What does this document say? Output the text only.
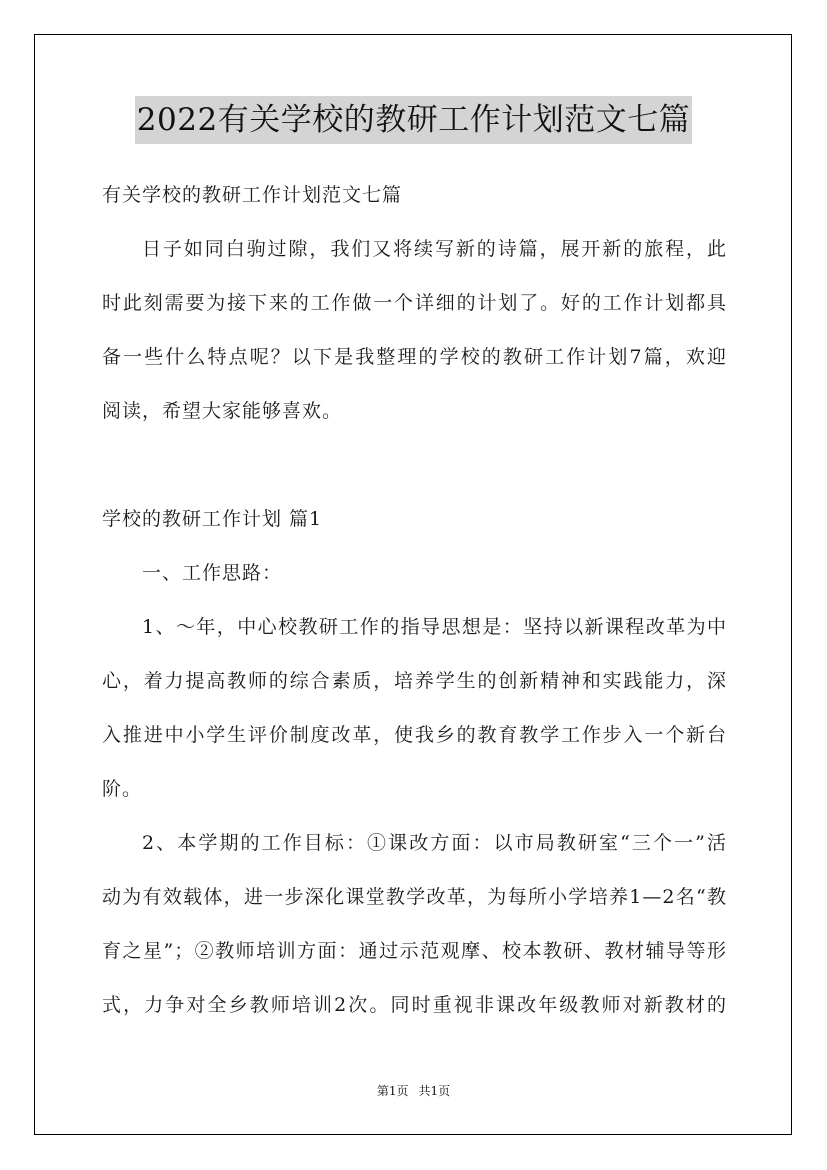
2022有关学校的教研工作计划范文七篇
有关学校的教研工作计划范文七篇
日子如同白驹过隙，我们又将续写新的诗篇，展开新的旅程，此
时此刻需要为接下来的工作做一个详细的计划了。好的工作计划都具
备一些什么特点呢？以下是我整理的学校的教研工作计划7篇，欢迎
阅读，希望大家能够喜欢。
学校的教研工作计划 篇1
一、工作思路：
1、～年，中心校教研工作的指导思想是：坚持以新课程改革为中
心，着力提高教师的综合素质，培养学生的创新精神和实践能力，深
入推进中小学生评价制度改革，使我乡的教育教学工作步入一个新台
阶。
2、本学期的工作目标：①课改方面：以市局教研室“三个一”活
动为有效载体，进一步深化课堂教学改革，为每所小学培养1—2名“教
育之星”；②教师培训方面：通过示范观摩、校本教研、教材辅导等形
式，力争对全乡教师培训2次。同时重视非课改年级教师对新教材的
第1页 共1页
